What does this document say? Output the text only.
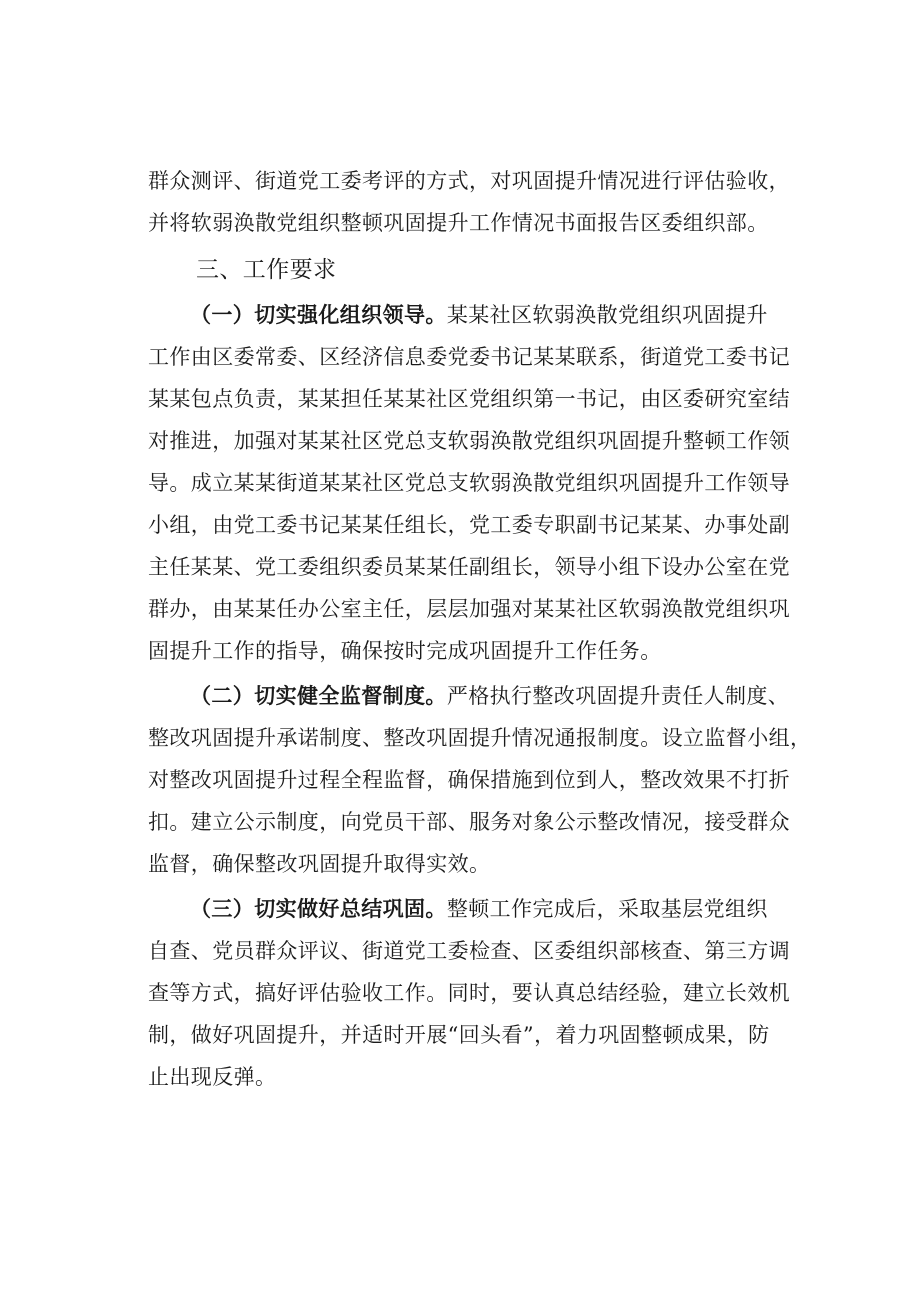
群众测评、街道党工委考评的方式，对巩固提升情况进行评估验收，
并将软弱涣散党组织整顿巩固提升工作情况书面报告区委组织部。
三、工作要求
（一）切实强化组织领导。某某社区软弱涣散党组织巩固提升
工作由区委常委、区经济信息委党委书记某某联系，街道党工委书记
某某包点负责，某某担任某某社区党组织第一书记，由区委研究室结
对推进，加强对某某社区党总支软弱涣散党组织巩固提升整顿工作领
导。成立某某街道某某社区党总支软弱涣散党组织巩固提升工作领导
小组，由党工委书记某某任组长，党工委专职副书记某某、办事处副
主任某某、党工委组织委员某某任副组长，领导小组下设办公室在党
群办，由某某任办公室主任，层层加强对某某社区软弱涣散党组织巩
固提升工作的指导，确保按时完成巩固提升工作任务。
（二）切实健全监督制度。严格执行整改巩固提升责任人制度、
整改巩固提升承诺制度、整改巩固提升情况通报制度。设立监督小组，
对整改巩固提升过程全程监督，确保措施到位到人，整改效果不打折
扣。建立公示制度，向党员干部、服务对象公示整改情况，接受群众
监督，确保整改巩固提升取得实效。
（三）切实做好总结巩固。整顿工作完成后，采取基层党组织
自查、党员群众评议、街道党工委检查、区委组织部核查、第三方调
查等方式，搞好评估验收工作。同时，要认真总结经验，建立长效机
制，做好巩固提升，并适时开展“回头看”，着力巩固整顿成果，防
止出现反弹。
